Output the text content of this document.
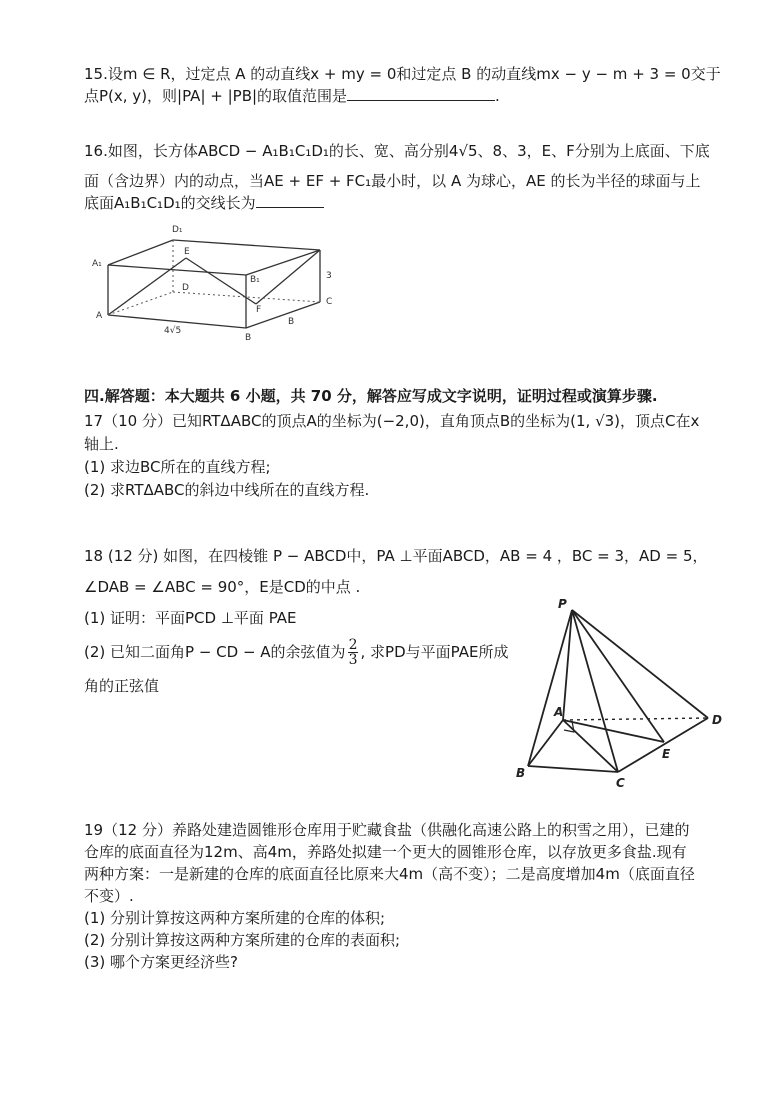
15.设m ∈ R，过定点 A 的动直线x + my = 0和过定点 B 的动直线mx − y − m + 3 = 0交于
点P(x, y)，则|PA| + |PB|的取值范围是	.
16.如图，长方体ABCD − A₁B₁C₁D₁的长、宽、高分别4√5、8、3，E、F分别为上底面、下底
面（含边界）内的动点，当AE + EF + FC₁最小时，以 A 为球心，AE 的长为半径的球面与上
底面A₁B₁C₁D₁的交线长为
D₁
A₁
E
D
B₁	3
C
F
A
4√5
B
B
四.解答题：本大题共 6 小题，共 70 分，解答应写成文字说明，证明过程或演算步骤.
17（10 分）已知RTΔABC的顶点A的坐标为(−2,0)，直角顶点B的坐标为(1, √3)，顶点C在x
轴上.
(1) 求边BC所在的直线方程;
(2) 求RTΔABC的斜边中线所在的直线方程.
18 (12 分) 如图，在四棱锥 P − ABCD中，PA ⊥平面ABCD，AB = 4 ，BC = 3，AD = 5，
∠DAB = ∠ABC = 90°，E是CD的中点 .
(1) 证明：平面PCD ⊥平面 PAE
(2) 已知二面角P − CD − A的余弦值为 $\frac{2}{3}$ , 求PD与平面PAE所成
角的正弦值
P
A
D
E
B
C
19（12 分）养路处建造圆锥形仓库用于贮藏食盐（供融化高速公路上的积雪之用），已建的
仓库的底面直径为12m、高4m，养路处拟建一个更大的圆锥形仓库，以存放更多食盐.现有
两种方案：一是新建的仓库的底面直径比原来大4m（高不变）；二是高度增加4m（底面直径
不变）.
(1) 分别计算按这两种方案所建的仓库的体积;
(2) 分别计算按这两种方案所建的仓库的表面积;
(3) 哪个方案更经济些?
